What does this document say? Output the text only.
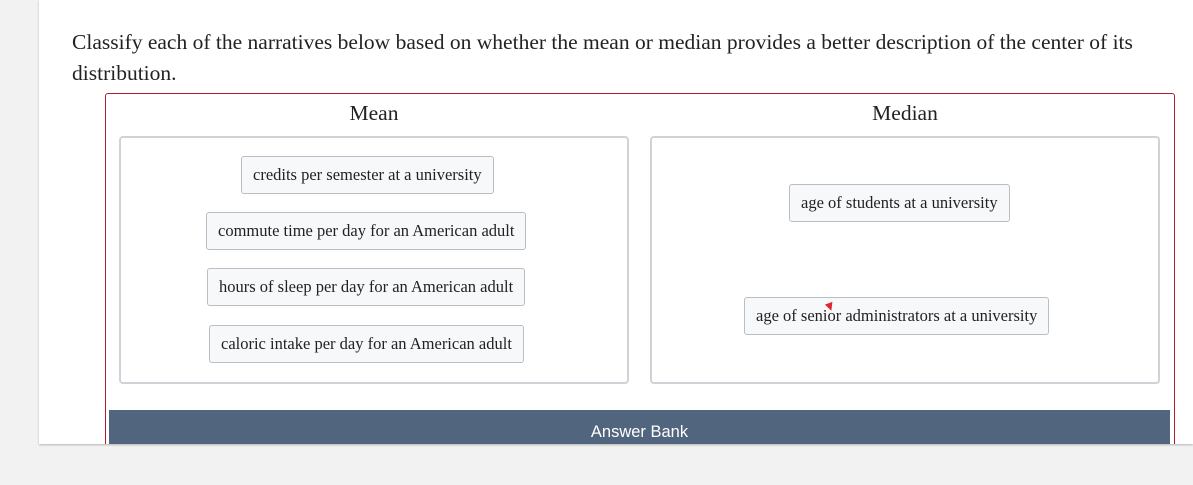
Classify each of the narratives below based on whether the mean or median provides a better description of the center of its distribution.

Mean	Median
credits per semester at a university
commute time per day for an American adult
hours of sleep per day for an American adult
caloric intake per day for an American adult
age of students at a university
age of senior administrators at a university
Answer Bank
